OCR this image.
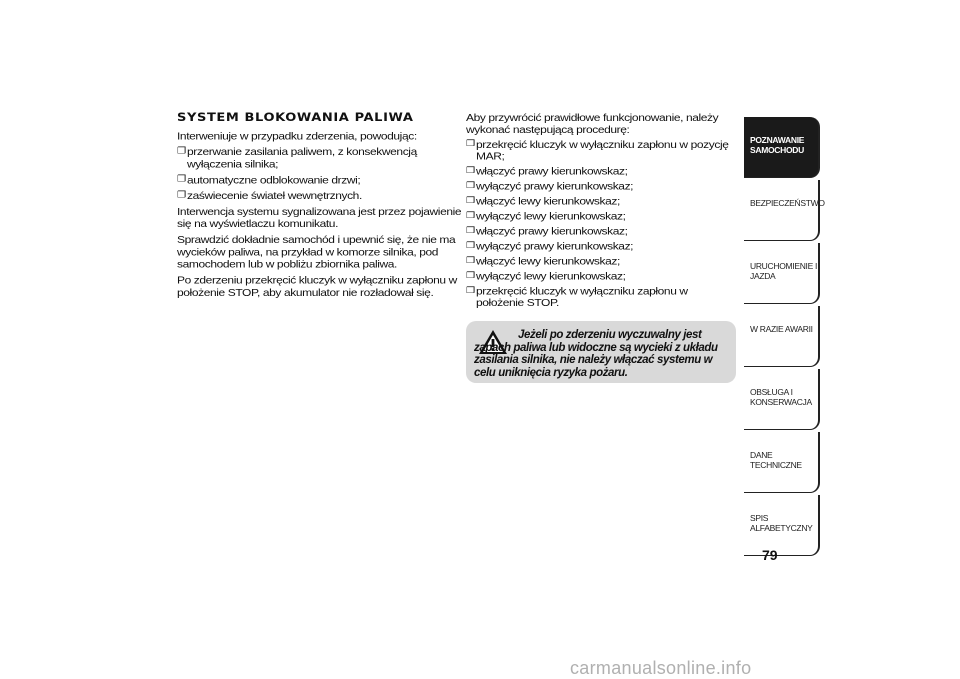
SYSTEM BLOKOWANIA PALIWA

Interweniuje w przypadku zderzenia, powodując:

❒ przerwanie zasilania paliwem, z konsekwencją wyłączenia silnika;

❒ automatyczne odblokowanie drzwi;

❒ zaświecenie świateł wewnętrznych.

Interwencja systemu sygnalizowana jest przez pojawienie się na wyświetlaczu komunikatu.

Sprawdzić dokładnie samochód i upewnić się, że nie ma wycieków paliwa, na przykład w komorze silnika, pod samochodem lub w pobliżu zbiornika paliwa.

Po zderzeniu przekręcić kluczyk w wyłączniku zapłonu w położenie STOP, aby akumulator nie rozładował się.

Aby przywrócić prawidłowe funkcjonowanie, należy wykonać następującą procedurę:

❒ przekręcić kluczyk w wyłączniku zapłonu w pozycję MAR;

❒ włączyć prawy kierunkowskaz;

❒ wyłączyć prawy kierunkowskaz;

❒ włączyć lewy kierunkowskaz;

❒ wyłączyć lewy kierunkowskaz;

❒ włączyć prawy kierunkowskaz;

❒ wyłączyć prawy kierunkowskaz;

❒ włączyć lewy kierunkowskaz;

❒ wyłączyć lewy kierunkowskaz;

❒ przekręcić kluczyk w wyłączniku zapłonu w położenie STOP.

Jeżeli po zderzeniu wyczuwalny jest zapach paliwa lub widoczne są wycieki z układu zasilania silnika, nie należy włączać systemu w celu uniknięcia ryzyka pożaru.
POZNAWANIE SAMOCHODU
BEZPIECZEŃSTWO
URUCHOMIENIE I JAZDA
W RAZIE AWARII
OBSŁUGA I KONSERWACJA
DANE TECHNICZNE
SPIS ALFABETYCZNY
79
carmanualsonline.info
